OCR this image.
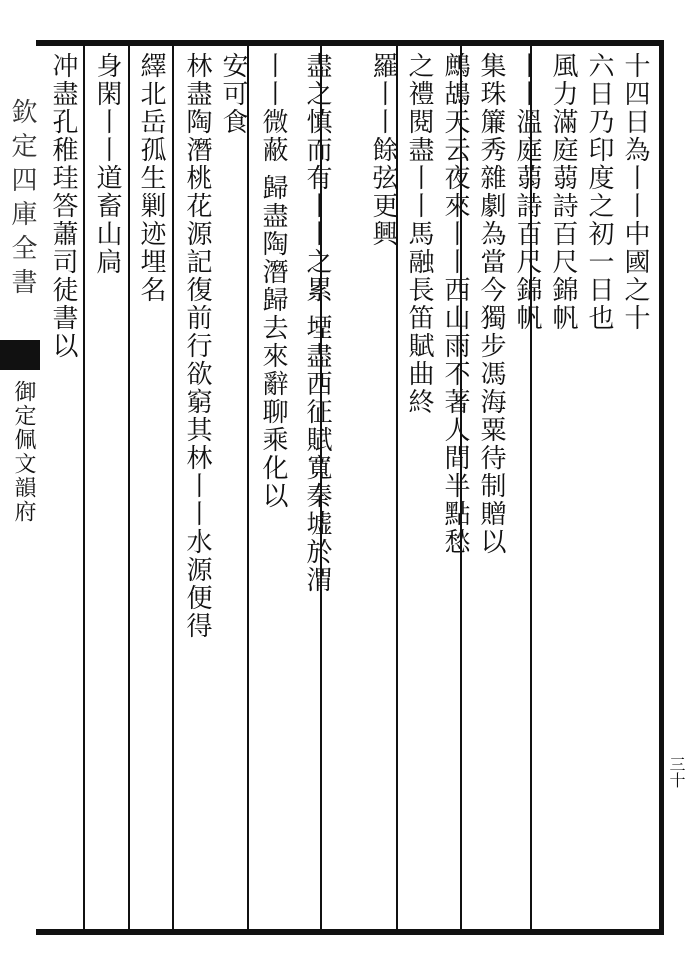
欽定四庫全書
御定佩文韻府
十四日為丨丨中國之十
六日乃印度之初一日也
風力滿庭蒻詩百尺錦帆
丨丨溫庭蒻詩百尺錦帆
集珠簾秀雜劇為當今獨步馮海粟待制贈以
鷓鴣天云夜來丨丨西山雨不著人間半點愁
之禮閱盡丨丨馬融長笛賦曲終
羅丨丨餘弦更興
盡之慎而有丨丨之累 堙盡西征賦寬秦墟於渭
丨丨微蔽 歸盡陶潛歸去來辭聊乘化以
安可食
林盡陶潛桃花源記復前行欲窮其林丨丨水源便得
繹北岳孤生剿迹埋名
身閑丨丨道畜山扃
冲盡孔稚珪答蕭司徒書以
三十
